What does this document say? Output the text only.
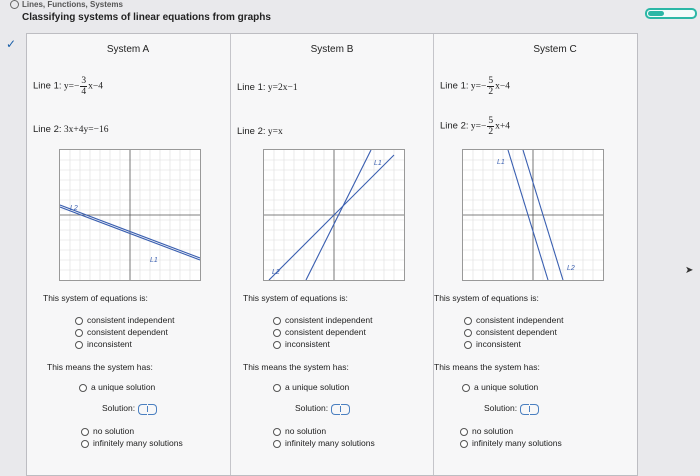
Lines, Functions, Systems
Classifying systems of linear equations from graphs
✓	System A
Line 1: $y=- \frac{3}{4} x-4$
Line 2: 3x+4y=−16
L2
L1
This system of equations is:
consistent independent
consistent dependent
inconsistent
This means the system has:
a unique solution
Solution:
no solution
infinitely many solutions
System B
Line 1: y=2x−1
Line 2: y=x
L1
L2
This system of equations is:
consistent independent
consistent dependent
inconsistent
This means the system has:
a unique solution
Solution:
no solution
infinitely many solutions
System C
Line 1: $y=- \frac{5}{2} x-4$
Line 2: $y=- \frac{5}{2} x+4$
L1
L2
This system of equations is:
consistent independent
consistent dependent
inconsistent
This means the system has:
a unique solution
Solution:
no solution
infinitely many solutions
➤
